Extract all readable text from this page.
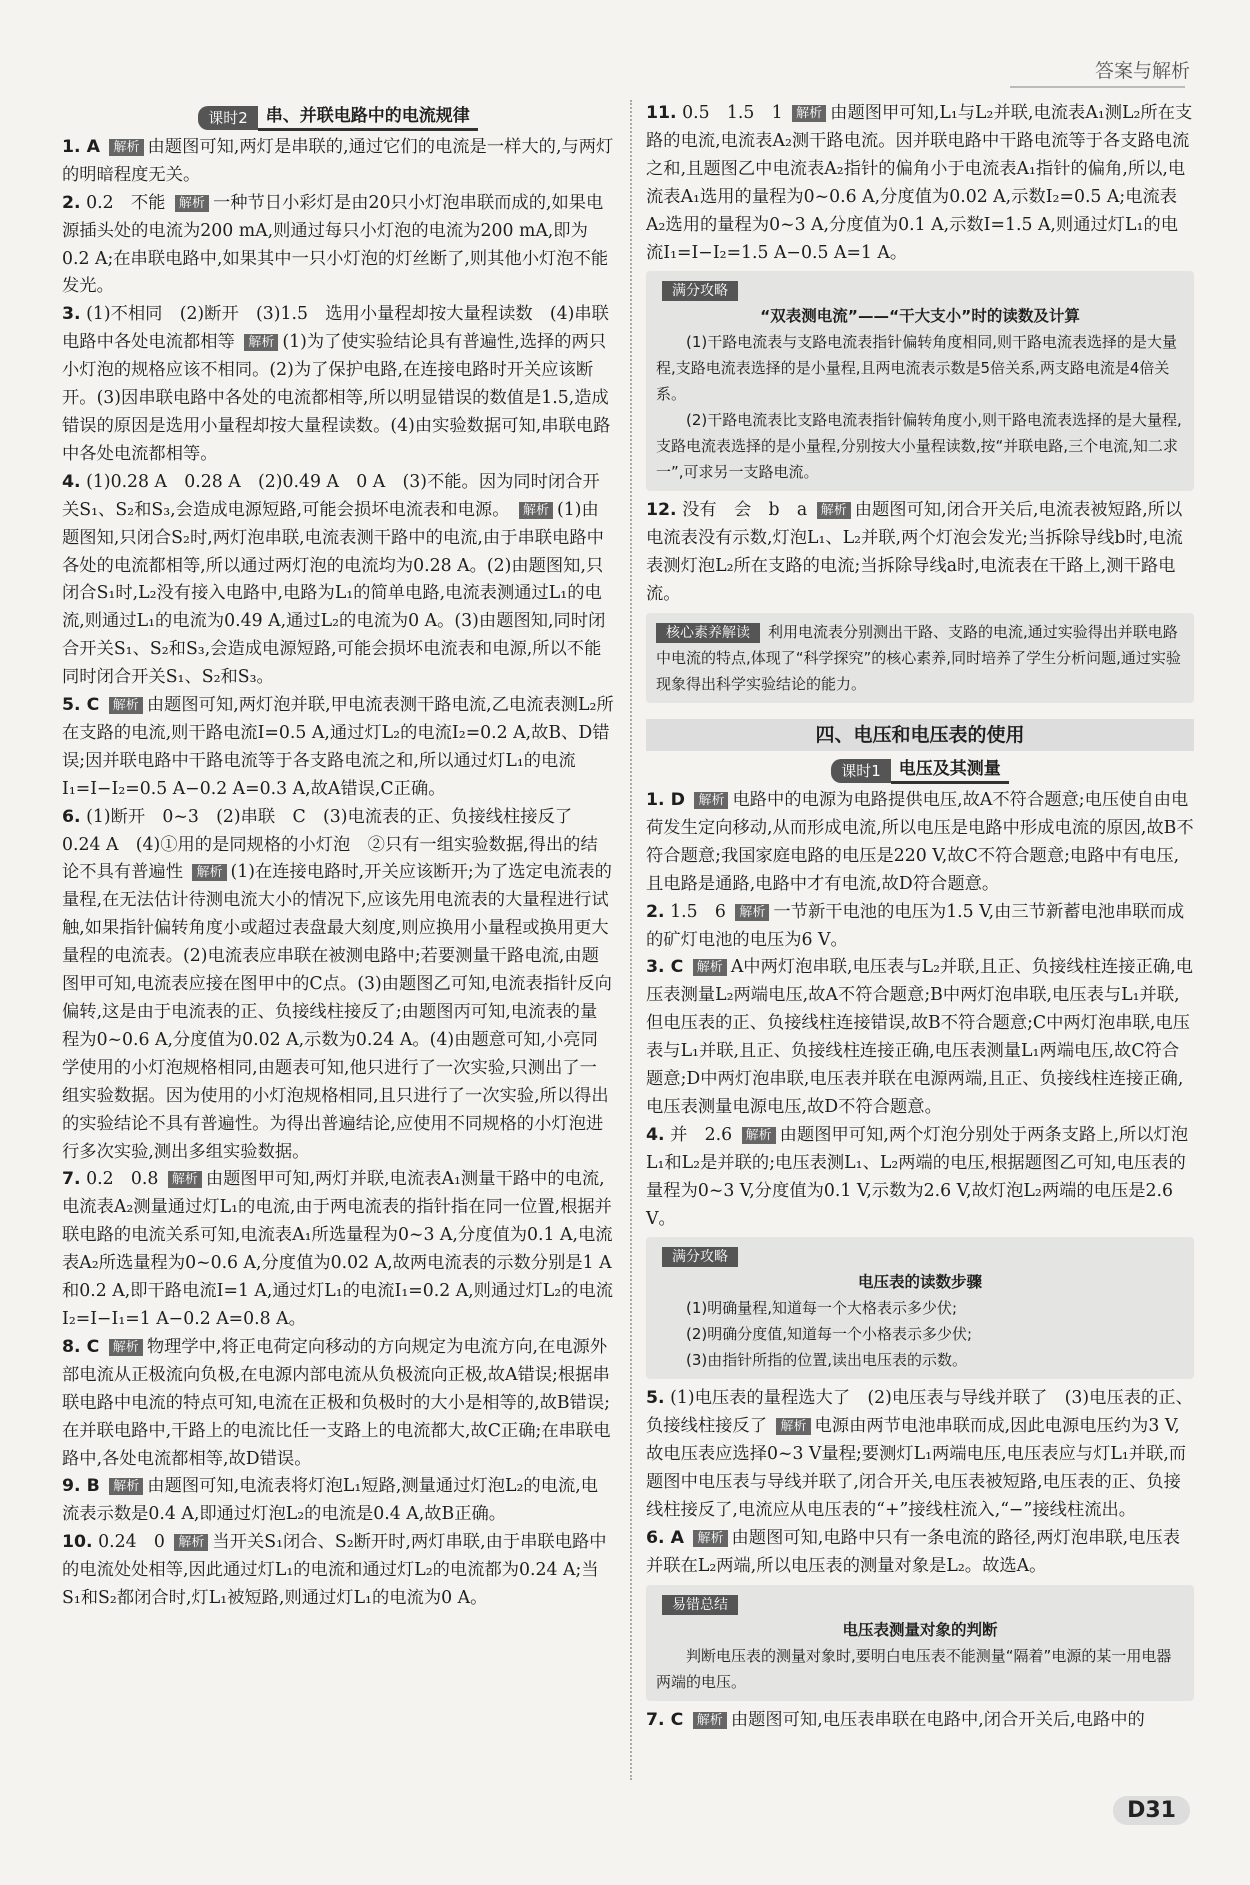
答案与解析
课时2 串、并联电路中的电流规律

1. A 解析 由题图可知,两灯是串联的,通过它们的电流是一样大的,与两灯的明暗程度无关。

2. 0.2　不能 解析 一种节日小彩灯是由20只小灯泡串联而成的,如果电源插头处的电流为200 mA,则通过每只小灯泡的电流为200 mA,即为0.2 A;在串联电路中,如果其中一只小灯泡的灯丝断了,则其他小灯泡不能发光。

3. (1)不相同　(2)断开　(3)1.5　选用小量程却按大量程读数　(4)串联电路中各处电流都相等 解析 (1)为了使实验结论具有普遍性,选择的两只小灯泡的规格应该不相同。(2)为了保护电路,在连接电路时开关应该断开。(3)因串联电路中各处的电流都相等,所以明显错误的数值是1.5,造成错误的原因是选用小量程却按大量程读数。(4)由实验数据可知,串联电路中各处电流都相等。

4. (1)0.28 A　0.28 A　(2)0.49 A　0 A　(3)不能。因为同时闭合开关S₁、S₂和S₃,会造成电源短路,可能会损坏电流表和电源。 解析 (1)由题图知,只闭合S₂时,两灯泡串联,电流表测干路中的电流,由于串联电路中各处的电流都相等,所以通过两灯泡的电流均为0.28 A。(2)由题图知,只闭合S₁时,L₂没有接入电路中,电路为L₁的简单电路,电流表测通过L₁的电流,则通过L₁的电流为0.49 A,通过L₂的电流为0 A。(3)由题图知,同时闭合开关S₁、S₂和S₃,会造成电源短路,可能会损坏电流表和电源,所以不能同时闭合开关S₁、S₂和S₃。

5. C 解析 由题图可知,两灯泡并联,甲电流表测干路电流,乙电流表测L₂所在支路的电流,则干路电流I=0.5 A,通过灯L₂的电流I₂=0.2 A,故B、D错误;因并联电路中干路电流等于各支路电流之和,所以通过灯L₁的电流I₁=I−I₂=0.5 A−0.2 A=0.3 A,故A错误,C正确。

6. (1)断开　0~3　(2)串联　C　(3)电流表的正、负接线柱接反了　0.24 A　(4)①用的是同规格的小灯泡　②只有一组实验数据,得出的结论不具有普遍性 解析 (1)在连接电路时,开关应该断开;为了选定电流表的量程,在无法估计待测电流大小的情况下,应该先用电流表的大量程进行试触,如果指针偏转角度小或超过表盘最大刻度,则应换用小量程或换用更大量程的电流表。(2)电流表应串联在被测电路中;若要测量干路电流,由题图甲可知,电流表应接在图甲中的C点。(3)由题图乙可知,电流表指针反向偏转,这是由于电流表的正、负接线柱接反了;由题图丙可知,电流表的量程为0~0.6 A,分度值为0.02 A,示数为0.24 A。(4)由题意可知,小亮同学使用的小灯泡规格相同,由题表可知,他只进行了一次实验,只测出了一组实验数据。因为使用的小灯泡规格相同,且只进行了一次实验,所以得出的实验结论不具有普遍性。为得出普遍结论,应使用不同规格的小灯泡进行多次实验,测出多组实验数据。

7. 0.2　0.8 解析 由题图甲可知,两灯并联,电流表A₁测量干路中的电流,电流表A₂测量通过灯L₁的电流,由于两电流表的指针指在同一位置,根据并联电路的电流关系可知,电流表A₁所选量程为0~3 A,分度值为0.1 A,电流表A₂所选量程为0~0.6 A,分度值为0.02 A,故两电流表的示数分别是1 A和0.2 A,即干路电流I=1 A,通过灯L₁的电流I₁=0.2 A,则通过灯L₂的电流I₂=I−I₁=1 A−0.2 A=0.8 A。

8. C 解析 物理学中,将正电荷定向移动的方向规定为电流方向,在电源外部电流从正极流向负极,在电源内部电流从负极流向正极,故A错误;根据串联电路中电流的特点可知,电流在正极和负极时的大小是相等的,故B错误;在并联电路中,干路上的电流比任一支路上的电流都大,故C正确;在串联电路中,各处电流都相等,故D错误。

9. B 解析 由题图可知,电流表将灯泡L₁短路,测量通过灯泡L₂的电流,电流表示数是0.4 A,即通过灯泡L₂的电流是0.4 A,故B正确。

10. 0.24　0 解析 当开关S₁闭合、S₂断开时,两灯串联,由于串联电路中的电流处处相等,因此通过灯L₁的电流和通过灯L₂的电流都为0.24 A;当S₁和S₂都闭合时,灯L₁被短路,则通过灯L₁的电流为0 A。

11. 0.5　1.5　1 解析 由题图甲可知,L₁与L₂并联,电流表A₁测L₂所在支路的电流,电流表A₂测干路电流。因并联电路中干路电流等于各支路电流之和,且题图乙中电流表A₂指针的偏角小于电流表A₁指针的偏角,所以,电流表A₁选用的量程为0~0.6 A,分度值为0.02 A,示数I₂=0.5 A;电流表A₂选用的量程为0~3 A,分度值为0.1 A,示数I=1.5 A,则通过灯L₁的电流I₁=I−I₂=1.5 A−0.5 A=1 A。

满分攻略
“双表测电流”——“干大支小”时的读数及计算

(1)干路电流表与支路电流表指针偏转角度相同,则干路电流表选择的是大量程,支路电流表选择的是小量程,且两电流表示数是5倍关系,两支路电流是4倍关系。

(2)干路电流表比支路电流表指针偏转角度小,则干路电流表选择的是大量程,支路电流表选择的是小量程,分别按大小量程读数,按“并联电路,三个电流,知二求一”,可求另一支路电流。

12. 没有　会　b　a 解析 由题图可知,闭合开关后,电流表被短路,所以电流表没有示数,灯泡L₁、L₂并联,两个灯泡会发光;当拆除导线b时,电流表测灯泡L₂所在支路的电流;当拆除导线a时,电流表在干路上,测干路电流。

核心素养解读 利用电流表分别测出干路、支路的电流,通过实验得出并联电路中电流的特点,体现了“科学探究”的核心素养,同时培养了学生分析问题,通过实验现象得出科学实验结论的能力。
四、电压和电压表的使用
课时1 电压及其测量

1. D 解析 电路中的电源为电路提供电压,故A不符合题意;电压使自由电荷发生定向移动,从而形成电流,所以电压是电路中形成电流的原因,故B不符合题意;我国家庭电路的电压是220 V,故C不符合题意;电路中有电压,且电路是通路,电路中才有电流,故D符合题意。

2. 1.5　6 解析 一节新干电池的电压为1.5 V,由三节新蓄电池串联而成的矿灯电池的电压为6 V。

3. C 解析 A中两灯泡串联,电压表与L₂并联,且正、负接线柱连接正确,电压表测量L₂两端电压,故A不符合题意;B中两灯泡串联,电压表与L₁并联,但电压表的正、负接线柱连接错误,故B不符合题意;C中两灯泡串联,电压表与L₁并联,且正、负接线柱连接正确,电压表测量L₁两端电压,故C符合题意;D中两灯泡串联,电压表并联在电源两端,且正、负接线柱连接正确,电压表测量电源电压,故D不符合题意。

4. 并　2.6 解析 由题图甲可知,两个灯泡分别处于两条支路上,所以灯泡L₁和L₂是并联的;电压表测L₁、L₂两端的电压,根据题图乙可知,电压表的量程为0~3 V,分度值为0.1 V,示数为2.6 V,故灯泡L₂两端的电压是2.6 V。

满分攻略
电压表的读数步骤

(1)明确量程,知道每一个大格表示多少伏;

(2)明确分度值,知道每一个小格表示多少伏;

(3)由指针所指的位置,读出电压表的示数。

5. (1)电压表的量程选大了　(2)电压表与导线并联了　(3)电压表的正、负接线柱接反了 解析 电源由两节电池串联而成,因此电源电压约为3 V,故电压表应选择0~3 V量程;要测灯L₁两端电压,电压表应与灯L₁并联,而题图中电压表与导线并联了,闭合开关,电压表被短路,电压表的正、负接线柱接反了,电流应从电压表的“+”接线柱流入,“−”接线柱流出。

6. A 解析 由题图可知,电路中只有一条电流的路径,两灯泡串联,电压表并联在L₂两端,所以电压表的测量对象是L₂。故选A。

易错总结
电压表测量对象的判断

判断电压表的测量对象时,要明白电压表不能测量“隔着”电源的某一用电器两端的电压。

7. C 解析 由题图可知,电压表串联在电路中,闭合开关后,电路中的

D31
